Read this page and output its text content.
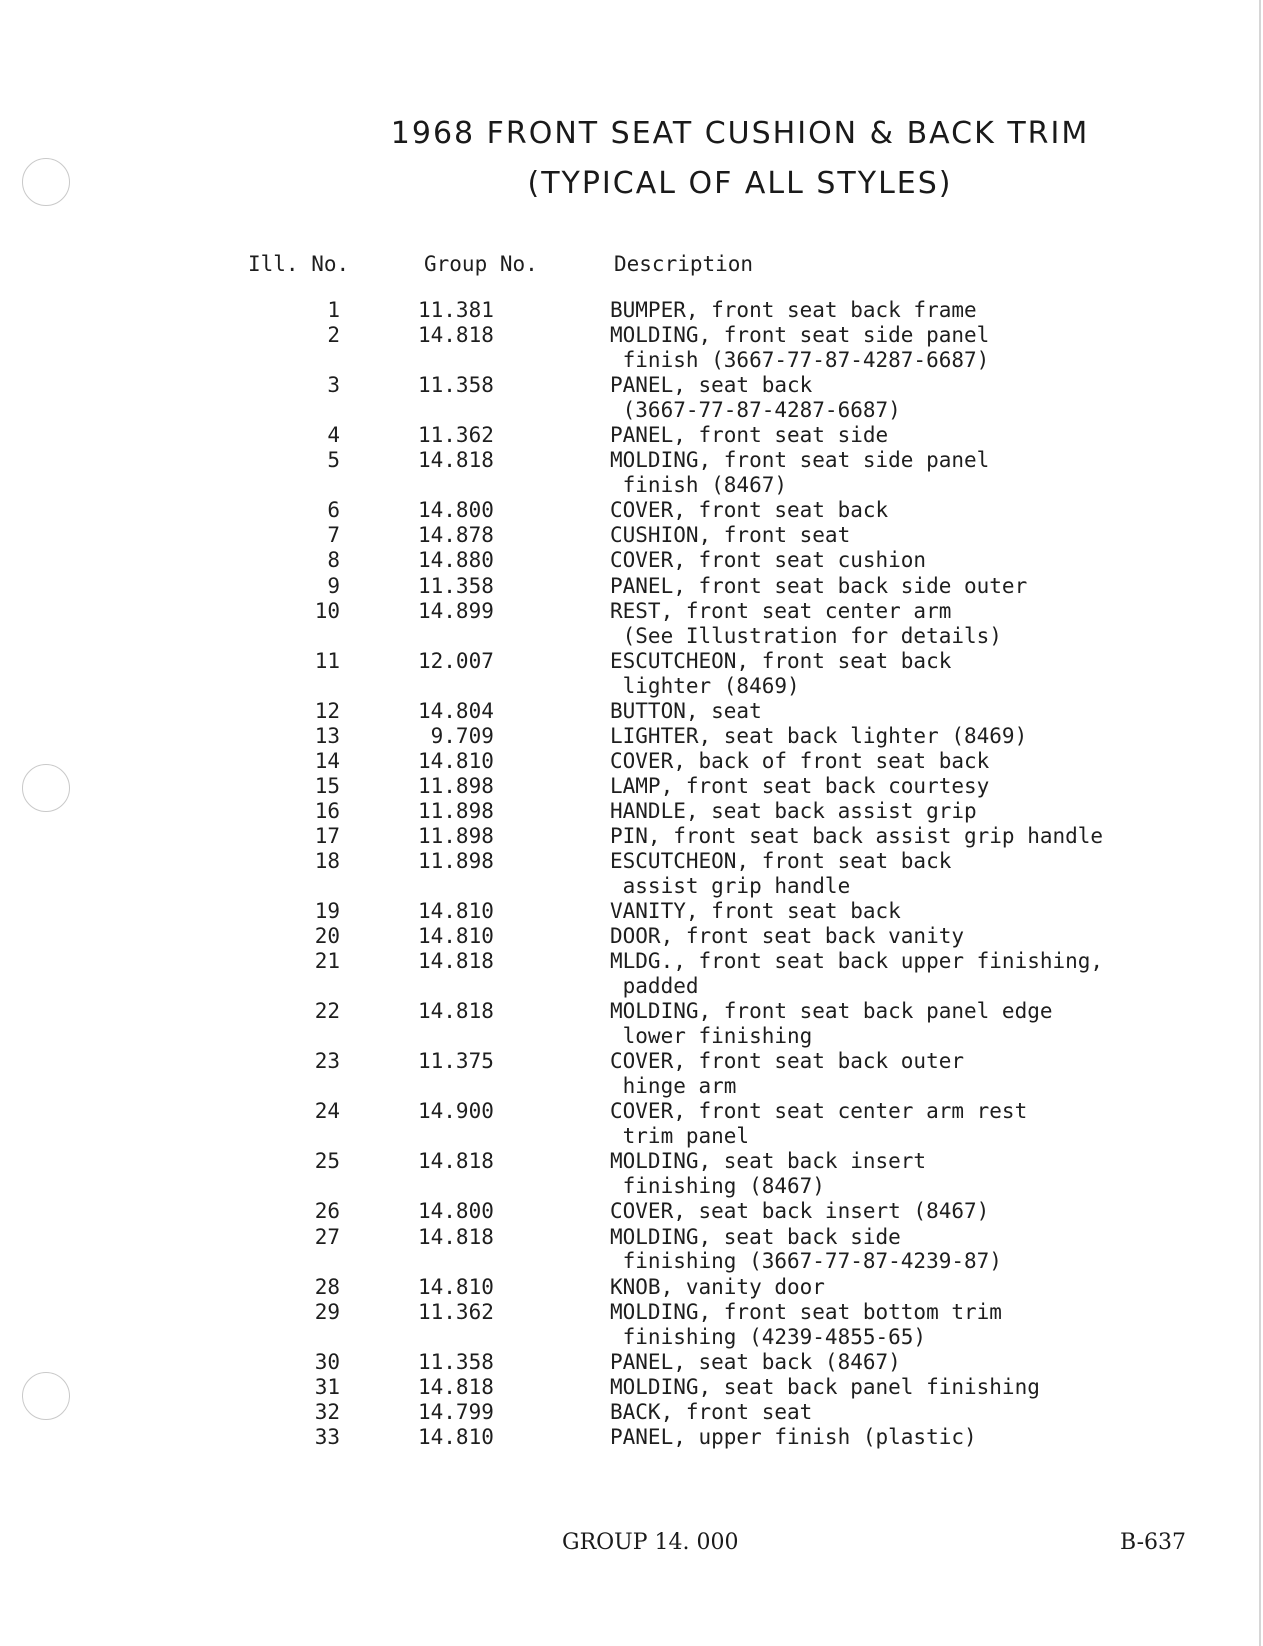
1968 FRONT SEAT CUSHION & BACK TRIM
(TYPICAL OF ALL STYLES)
Ill. No.	Group No.	Description
1	11.381	BUMPER, front seat back frame
2	14.818	MOLDING, front seat side panel
finish (3667-77-87-4287-6687)
3	11.358	PANEL, seat back
(3667-77-87-4287-6687)
4	11.362	PANEL, front seat side
5	14.818	MOLDING, front seat side panel
finish (8467)
6	14.800	COVER, front seat back
7	14.878	CUSHION, front seat
8	14.880	COVER, front seat cushion
9	11.358	PANEL, front seat back side outer
10	14.899	REST, front seat center arm
(See Illustration for details)
11	12.007	ESCUTCHEON, front seat back
lighter (8469)
12	14.804	BUTTON, seat
13	9.709	LIGHTER, seat back lighter (8469)
14	14.810	COVER, back of front seat back
15	11.898	LAMP, front seat back courtesy
16	11.898	HANDLE, seat back assist grip
17	11.898	PIN, front seat back assist grip handle
18	11.898	ESCUTCHEON, front seat back
assist grip handle
19	14.810	VANITY, front seat back
20	14.810	DOOR, front seat back vanity
21	14.818	MLDG., front seat back upper finishing,
padded
22	14.818	MOLDING, front seat back panel edge
lower finishing
23	11.375	COVER, front seat back outer
hinge arm
24	14.900	COVER, front seat center arm rest
trim panel
25	14.818	MOLDING, seat back insert
finishing (8467)
26	14.800	COVER, seat back insert (8467)
27	14.818	MOLDING, seat back side
finishing (3667-77-87-4239-87)
28	14.810	KNOB, vanity door
29	11.362	MOLDING, front seat bottom trim
finishing (4239-4855-65)
30	11.358	PANEL, seat back (8467)
31	14.818	MOLDING, seat back panel finishing
32	14.799	BACK, front seat
33	14.810	PANEL, upper finish (plastic)
GROUP 14. 000	B-637
